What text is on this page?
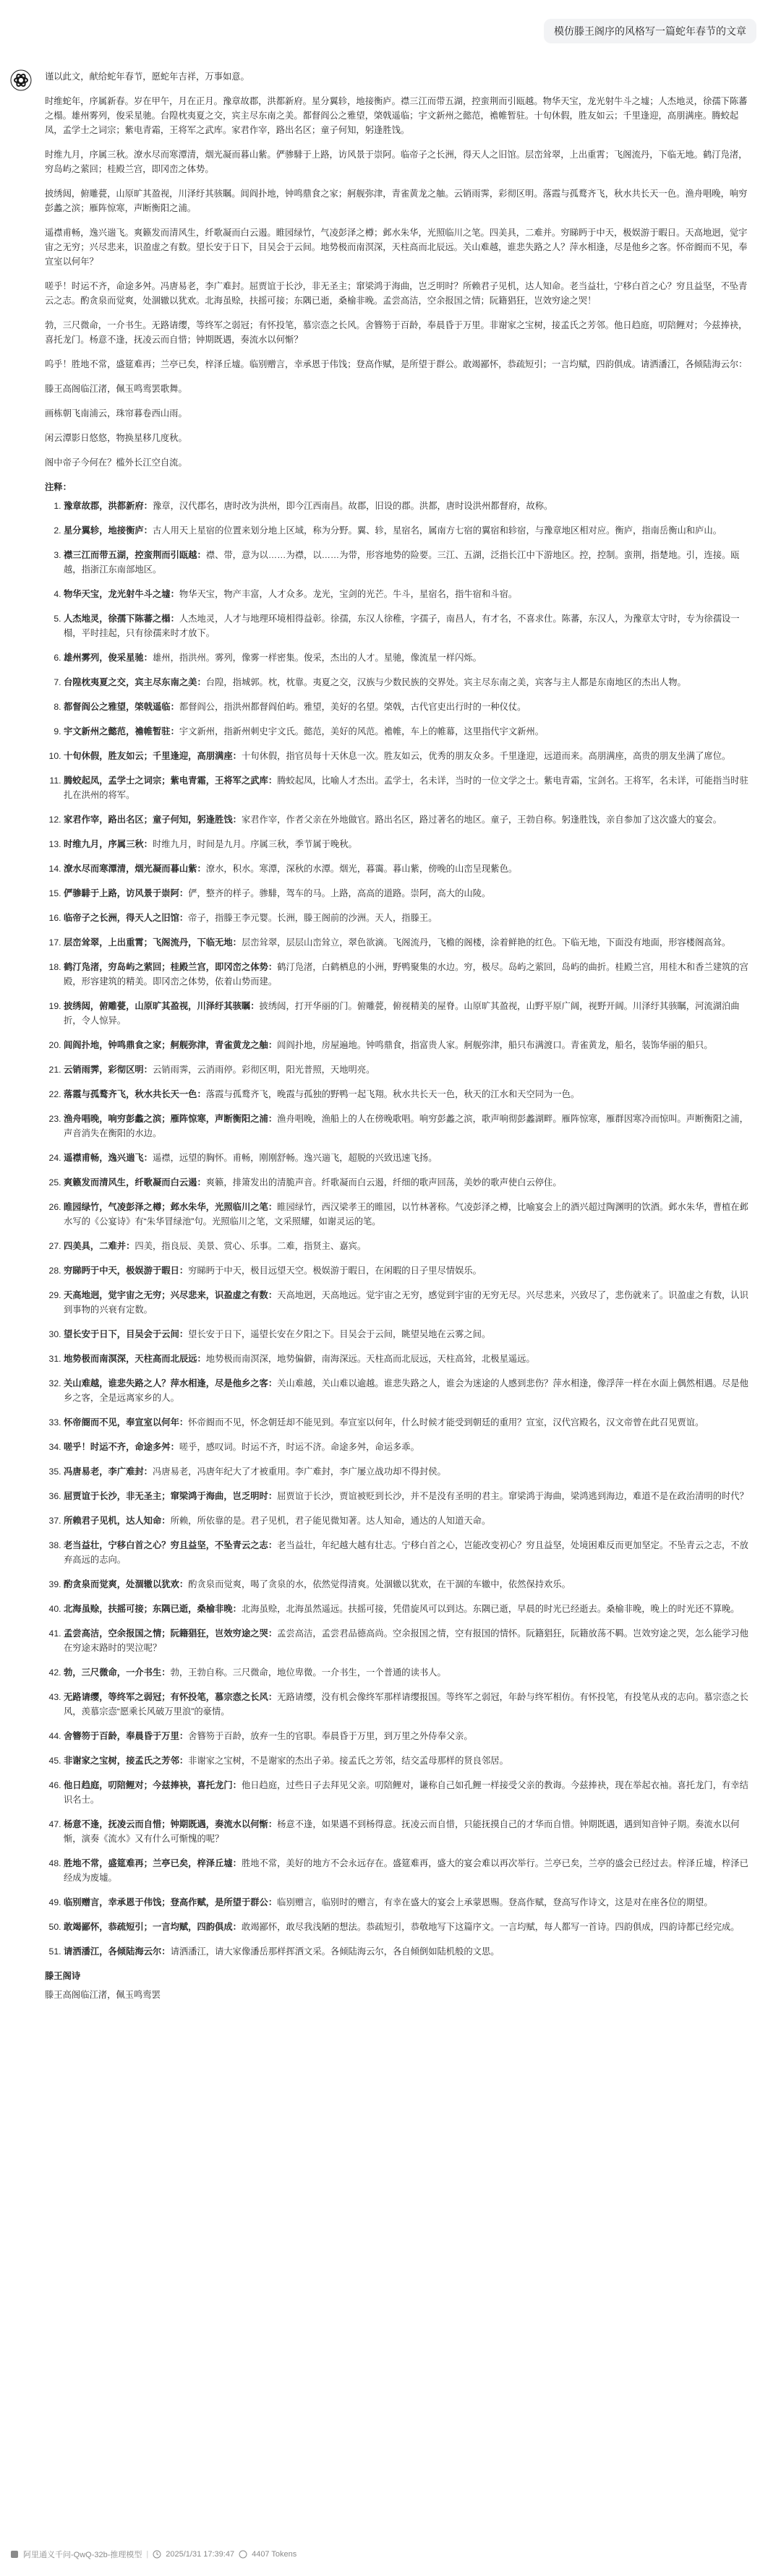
模仿滕王阁序的风格写一篇蛇年春节的文章

谨以此文，献给蛇年春节，愿蛇年吉祥，万事如意。

时维蛇年，序属新春。岁在甲午，月在正月。豫章故郡，洪都新府。星分翼轸，地接衡庐。襟三江而带五湖，控蛮荆而引瓯越。物华天宝，龙光射牛斗之墟；人杰地灵，徐孺下陈蕃之榻。雄州雾列，俊采星驰。台隍枕夷夏之交，宾主尽东南之美。都督阎公之雅望，棨戟遥临；宇文新州之懿范，襜帷暂驻。十旬休假，胜友如云；千里逢迎，高朋满座。腾蛟起凤，孟学士之词宗；紫电青霜，王将军之武库。家君作宰，路出名区；童子何知，躬逢胜饯。

时维九月，序属三秋。潦水尽而寒潭清，烟光凝而暮山紫。俨骖騑于上路，访风景于崇阿。临帝子之长洲，得天人之旧馆。层峦耸翠，上出重霄；飞阁流丹，下临无地。鹤汀凫渚，穷岛屿之萦回；桂殿兰宫，即冈峦之体势。

披绣闼，俯雕甍，山原旷其盈视，川泽纡其骇瞩。闾阎扑地，钟鸣鼎食之家；舸舰弥津，青雀黄龙之舳。云销雨霁，彩彻区明。落霞与孤鹜齐飞，秋水共长天一色。渔舟唱晚，响穷彭蠡之滨；雁阵惊寒，声断衡阳之浦。

遥襟甫畅，逸兴遄飞。爽籁发而清风生，纤歌凝而白云遏。睢园绿竹，气凌彭泽之樽；邺水朱华，光照临川之笔。四美具，二难并。穷睇眄于中天，极娱游于暇日。天高地迥，觉宇宙之无穷；兴尽悲来，识盈虚之有数。望长安于日下，目吴会于云间。地势极而南溟深，天柱高而北辰远。关山难越，谁悲失路之人？萍水相逢，尽是他乡之客。怀帝阍而不见，奉宣室以何年？

嗟乎！时运不齐，命途多舛。冯唐易老，李广难封。屈贾谊于长沙，非无圣主；窜梁鸿于海曲，岂乏明时？所赖君子见机，达人知命。老当益壮，宁移白首之心？穷且益坚，不坠青云之志。酌贪泉而觉爽，处涸辙以犹欢。北海虽赊，扶摇可接；东隅已逝，桑榆非晚。孟尝高洁，空余报国之情；阮籍猖狂，岂效穷途之哭！

勃，三尺微命，一介书生。无路请缨，等终军之弱冠；有怀投笔，慕宗悫之长风。舍簪笏于百龄，奉晨昏于万里。非谢家之宝树，接孟氏之芳邻。他日趋庭，叨陪鲤对；今兹捧袂，喜托龙门。杨意不逢，抚凌云而自惜；钟期既遇，奏流水以何惭？

呜乎！胜地不常，盛筵难再；兰亭已矣，梓泽丘墟。临别赠言，幸承恩于伟饯；登高作赋，是所望于群公。敢竭鄙怀，恭疏短引；一言均赋，四韵俱成。请洒潘江，各倾陆海云尔：

滕王高阁临江渚，佩玉鸣鸾罢歌舞。

画栋朝飞南浦云，珠帘暮卷西山雨。

闲云潭影日悠悠，物换星移几度秋。

阁中帝子今何在？槛外长江空自流。

注释：
1. 豫章故郡，洪都新府：豫章，汉代郡名，唐时改为洪州，即今江西南昌。故郡，旧设的郡。洪都，唐时设洪州都督府，故称。
2. 星分翼轸，地接衡庐：古人用天上星宿的位置来划分地上区域，称为分野。翼、轸，星宿名，属南方七宿的翼宿和轸宿，与豫章地区相对应。衡庐，指南岳衡山和庐山。
3. 襟三江而带五湖，控蛮荆而引瓯越：襟、带，意为以……为襟，以……为带，形容地势的险要。三江、五湖，泛指长江中下游地区。控，控制。蛮荆，指楚地。引，连接。瓯越，指浙江东南部地区。
4. 物华天宝，龙光射牛斗之墟：物华天宝，物产丰富，人才众多。龙光，宝剑的光芒。牛斗，星宿名，指牛宿和斗宿。
5. 人杰地灵，徐孺下陈蕃之榻：人杰地灵，人才与地理环境相得益彰。徐孺，东汉人徐稚，字孺子，南昌人，有才名，不喜求仕。陈蕃，东汉人，为豫章太守时，专为徐孺设一榻，平时挂起，只有徐孺来时才放下。
6. 雄州雾列，俊采星驰：雄州，指洪州。雾列，像雾一样密集。俊采，杰出的人才。星驰，像流星一样闪烁。
7. 台隍枕夷夏之交，宾主尽东南之美：台隍，指城郭。枕，枕靠。夷夏之交，汉族与少数民族的交界处。宾主尽东南之美，宾客与主人都是东南地区的杰出人物。
8. 都督阎公之雅望，棨戟遥临：都督阎公，指洪州都督阎伯屿。雅望，美好的名望。棨戟，古代官吏出行时的一种仪仗。
9. 宇文新州之懿范，襜帷暂驻：宇文新州，指新州刺史宇文氏。懿范，美好的风范。襜帷，车上的帷幕，这里指代宇文新州。
10. 十旬休假，胜友如云；千里逢迎，高朋满座：十旬休假，指官员每十天休息一次。胜友如云，优秀的朋友众多。千里逢迎，远道而来。高朋满座，高贵的朋友坐满了席位。
11. 腾蛟起凤，孟学士之词宗；紫电青霜，王将军之武库：腾蛟起凤，比喻人才杰出。孟学士，名未详，当时的一位文学之士。紫电青霜，宝剑名。王将军，名未详，可能指当时驻扎在洪州的将军。
12. 家君作宰，路出名区；童子何知，躬逢胜饯：家君作宰，作者父亲在外地做官。路出名区，路过著名的地区。童子，王勃自称。躬逢胜饯，亲自参加了这次盛大的宴会。
13. 时维九月，序属三秋：时维九月，时间是九月。序属三秋，季节属于晚秋。
14. 潦水尽而寒潭清，烟光凝而暮山紫：潦水，积水。寒潭，深秋的水潭。烟光，暮霭。暮山紫，傍晚的山峦呈现紫色。
15. 俨骖騑于上路，访风景于崇阿：俨，整齐的样子。骖騑，驾车的马。上路，高高的道路。崇阿，高大的山陵。
16. 临帝子之长洲，得天人之旧馆：帝子，指滕王李元婴。长洲，滕王阁前的沙洲。天人，指滕王。
17. 层峦耸翠，上出重霄；飞阁流丹，下临无地：层峦耸翠，层层山峦耸立，翠色欲滴。飞阁流丹，飞檐的阁楼，涂着鲜艳的红色。下临无地，下面没有地面，形容楼阁高耸。
18. 鹤汀凫渚，穷岛屿之萦回；桂殿兰宫，即冈峦之体势：鹤汀凫渚，白鹤栖息的小洲，野鸭聚集的水边。穷，极尽。岛屿之萦回，岛屿的曲折。桂殿兰宫，用桂木和香兰建筑的宫殿，形容建筑的精美。即冈峦之体势，依着山势而建。
19. 披绣闼，俯雕甍，山原旷其盈视，川泽纡其骇瞩：披绣闼，打开华丽的门。俯雕甍，俯视精美的屋脊。山原旷其盈视，山野平原广阔，视野开阔。川泽纡其骇瞩，河流湖泊曲折，令人惊异。
20. 闾阎扑地，钟鸣鼎食之家；舸舰弥津，青雀黄龙之舳：闾阎扑地，房屋遍地。钟鸣鼎食，指富贵人家。舸舰弥津，船只布满渡口。青雀黄龙，船名，装饰华丽的船只。
21. 云销雨霁，彩彻区明：云销雨霁，云消雨停。彩彻区明，阳光普照，天地明亮。
22. 落霞与孤鹜齐飞，秋水共长天一色：落霞与孤鹜齐飞，晚霞与孤独的野鸭一起飞翔。秋水共长天一色，秋天的江水和天空同为一色。
23. 渔舟唱晚，响穷彭蠡之滨；雁阵惊寒，声断衡阳之浦：渔舟唱晚，渔船上的人在傍晚歌唱。响穷彭蠡之滨，歌声响彻彭蠡湖畔。雁阵惊寒，雁群因寒冷而惊叫。声断衡阳之浦，声音消失在衡阳的水边。
24. 遥襟甫畅，逸兴遄飞：遥襟，远望的胸怀。甫畅，刚刚舒畅。逸兴遄飞，超脱的兴致迅速飞扬。
25. 爽籁发而清风生，纤歌凝而白云遏：爽籁，排箫发出的清脆声音。纤歌凝而白云遏，纤细的歌声回荡，美妙的歌声使白云停住。
26. 睢园绿竹，气凌彭泽之樽；邺水朱华，光照临川之笔：睢园绿竹，西汉梁孝王的睢园，以竹林著称。气凌彭泽之樽，比喻宴会上的酒兴超过陶渊明的饮酒。邺水朱华，曹植在邺水写的《公宴诗》有“朱华冒绿池”句。光照临川之笔，文采照耀，如谢灵运的笔。
27. 四美具，二难并：四美，指良辰、美景、赏心、乐事。二难，指贤主、嘉宾。
28. 穷睇眄于中天，极娱游于暇日：穷睇眄于中天，极目远望天空。极娱游于暇日，在闲暇的日子里尽情娱乐。
29. 天高地迥，觉宇宙之无穷；兴尽悲来，识盈虚之有数：天高地迥，天高地远。觉宇宙之无穷，感觉到宇宙的无穷无尽。兴尽悲来，兴致尽了，悲伤就来了。识盈虚之有数，认识到事物的兴衰有定数。
30. 望长安于日下，目吴会于云间：望长安于日下，遥望长安在夕阳之下。目吴会于云间，眺望吴地在云雾之间。
31. 地势极而南溟深，天柱高而北辰远：地势极而南溟深，地势偏僻，南海深远。天柱高而北辰远，天柱高耸，北极星遥远。
32. 关山难越，谁悲失路之人？萍水相逢，尽是他乡之客：关山难越，关山难以逾越。谁悲失路之人，谁会为迷途的人感到悲伤？萍水相逢，像浮萍一样在水面上偶然相遇。尽是他乡之客，全是远离家乡的人。
33. 怀帝阍而不见，奉宣室以何年：怀帝阍而不见，怀念朝廷却不能见到。奉宣室以何年，什么时候才能受到朝廷的重用？宣室，汉代宫殿名，汉文帝曾在此召见贾谊。
34. 嗟乎！时运不齐，命途多舛：嗟乎，感叹词。时运不齐，时运不济。命途多舛，命运多乖。
35. 冯唐易老，李广难封：冯唐易老，冯唐年纪大了才被重用。李广难封，李广屡立战功却不得封侯。
36. 屈贾谊于长沙，非无圣主；窜梁鸿于海曲，岂乏明时：屈贾谊于长沙，贾谊被贬到长沙，并不是没有圣明的君主。窜梁鸿于海曲，梁鸿逃到海边，难道不是在政治清明的时代？
37. 所赖君子见机，达人知命：所赖，所依靠的是。君子见机，君子能见微知著。达人知命，通达的人知道天命。
38. 老当益壮，宁移白首之心？穷且益坚，不坠青云之志：老当益壮，年纪越大越有壮志。宁移白首之心，岂能改变初心？穷且益坚，处境困难反而更加坚定。不坠青云之志，不放弃高远的志向。
39. 酌贪泉而觉爽，处涸辙以犹欢：酌贪泉而觉爽，喝了贪泉的水，依然觉得清爽。处涸辙以犹欢，在干涸的车辙中，依然保持欢乐。
40. 北海虽赊，扶摇可接；东隅已逝，桑榆非晚：北海虽赊，北海虽然遥远。扶摇可接，凭借旋风可以到达。东隅已逝，早晨的时光已经逝去。桑榆非晚，晚上的时光还不算晚。
41. 孟尝高洁，空余报国之情；阮籍猖狂，岂效穷途之哭：孟尝高洁，孟尝君品德高尚。空余报国之情，空有报国的情怀。阮籍猖狂，阮籍放荡不羁。岂效穷途之哭，怎么能学习他在穷途末路时的哭泣呢？
42. 勃，三尺微命，一介书生：勃，王勃自称。三尺微命，地位卑微。一介书生，一个普通的读书人。
43. 无路请缨，等终军之弱冠；有怀投笔，慕宗悫之长风：无路请缨，没有机会像终军那样请缨报国。等终军之弱冠，年龄与终军相仿。有怀投笔，有投笔从戎的志向。慕宗悫之长风，羡慕宗悫“愿乘长风破万里浪”的豪情。
44. 舍簪笏于百龄，奉晨昏于万里：舍簪笏于百龄，放弃一生的官职。奉晨昏于万里，到万里之外侍奉父亲。
45. 非谢家之宝树，接孟氏之芳邻：非谢家之宝树，不是谢家的杰出子弟。接孟氏之芳邻，结交孟母那样的贤良邻居。
46. 他日趋庭，叨陪鲤对；今兹捧袂，喜托龙门：他日趋庭，过些日子去拜见父亲。叨陪鲤对，谦称自己如孔鲤一样接受父亲的教诲。今兹捧袂，现在举起衣袖。喜托龙门，有幸结识名士。
47. 杨意不逢，抚凌云而自惜；钟期既遇，奏流水以何惭：杨意不逢，如果遇不到杨得意。抚凌云而自惜，只能抚摸自己的才华而自惜。钟期既遇，遇到知音钟子期。奏流水以何惭，演奏《流水》又有什么可惭愧的呢？
48. 胜地不常，盛筵难再；兰亭已矣，梓泽丘墟：胜地不常，美好的地方不会永远存在。盛筵难再，盛大的宴会难以再次举行。兰亭已矣，兰亭的盛会已经过去。梓泽丘墟，梓泽已经成为废墟。
49. 临别赠言，幸承恩于伟饯；登高作赋，是所望于群公：临别赠言，临别时的赠言，有幸在盛大的宴会上承蒙恩赐。登高作赋，登高写作诗文，这是对在座各位的期望。
50. 敢竭鄙怀，恭疏短引；一言均赋，四韵俱成：敢竭鄙怀，敢尽我浅陋的想法。恭疏短引，恭敬地写下这篇序文。一言均赋，每人都写一首诗。四韵俱成，四韵诗都已经完成。
51. 请洒潘江，各倾陆海云尔：请洒潘江，请大家像潘岳那样挥洒文采。各倾陆海云尔，各自倾倒如陆机般的文思。
滕王阁诗

滕王高阁临江渚，佩玉鸣鸾罢

阿里通义千问-QwQ-32b-推理模型 | 2025/1/31 17:39:47 4407 Tokens
